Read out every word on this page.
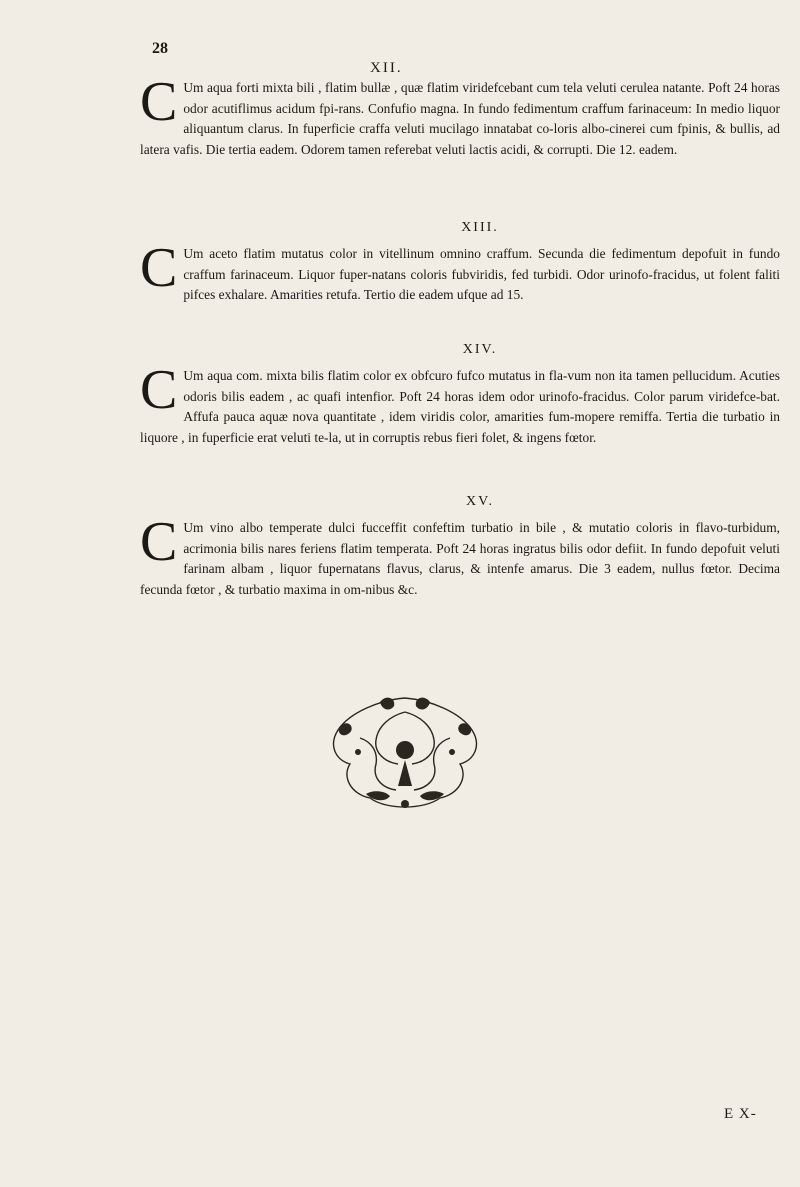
28
XII.

C Um aqua forti mixta bili , flatim bullæ , quæ flatim viridefcebant cum tela veluti cerulea natante. Poft 24 horas odor acutiflimus acidum fpi-rans. Confufio magna. In fundo fedimentum craffum farinaceum: In medio liquor aliquantum clarus. In fuperficie craffa veluti mucilago innatabat co-loris albo-cinerei cum fpinis, & bullis, ad latera vafis. Die tertia eadem. Odorem tamen referebat veluti lactis acidi, & corrupti. Die 12. eadem.

XIII.

C Um aceto flatim mutatus color in vitellinum omnino craffum. Secunda die fedimentum depofuit in fundo craffum farinaceum. Liquor fuper-natans coloris fubviridis, fed turbidi. Odor urinofo-fracidus, ut folent faliti pifces exhalare. Amarities retufa. Tertio die eadem ufque ad 15.

XIV.

C Um aqua com. mixta bilis flatim color ex obfcuro fufco mutatus in fla-vum non ita tamen pellucidum. Acuties odoris bilis eadem , ac quafi intenfior. Poft 24 horas idem odor urinofo-fracidus. Color parum viridefce-bat. Affufa pauca aquæ nova quantitate , idem viridis color, amarities fum-mopere remiffa. Tertia die turbatio in liquore , in fuperficie erat veluti te-la, ut in corruptis rebus fieri folet, & ingens fœtor.

XV.

C Um vino albo temperate dulci fucceffit confeftim turbatio in bile , & mutatio coloris in flavo-turbidum, acrimonia bilis nares feriens flatim temperata. Poft 24 horas ingratus bilis odor defiit. In fundo depofuit veluti farinam albam , liquor fupernatans flavus, clarus, & intenfe amarus. Die 3 eadem, nullus fœtor. Decima fecunda fœtor , & turbatio maxima in om-nibus &c.

E X-
